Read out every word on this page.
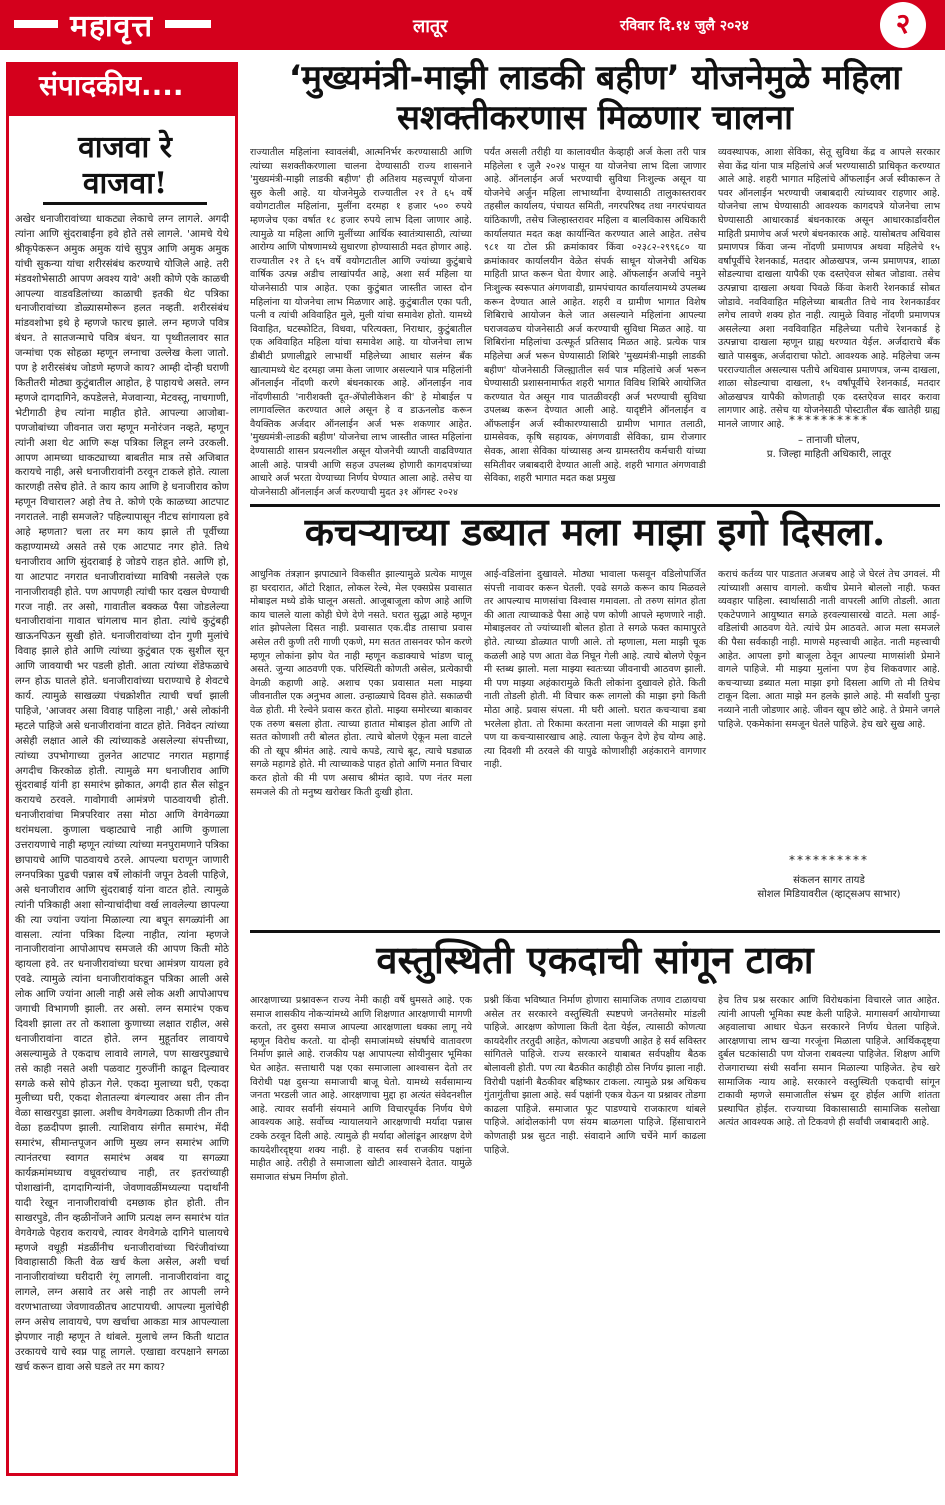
महावृत्त	लातूर	रविवार दि.१४ जुलै २०२४	२
संपादकीय....
वाजवा रे वाजवा!
अखेर धनाजीरावांच्या धाकट्या लेकाचे लग्न लागले. अगदी त्यांना आणि सुंदराबाईंना हवे होते तसे लागले. 'आमचे येथे श्रीकृपेकरून अमुक अमुक यांचे सुपुत्र आणि अमुक अमुक यांची सुकन्या यांचा शरीरसंबंध करण्याचे योजिले आहे. तरी मंडवशोभेसाठी आपण अवश्य यावे' अशी कोणे एके काळची आपल्या वाडवडिलांच्या काळाची इतकी थेट पत्रिका धनाजीरावांच्या डोळ्यासमोरून हलत नव्हती. शरीरसंबंध मांडवशोभा इथे हे म्हणजे फारच झाले. लग्न म्हणजे पवित्र बंधन. ते सातजन्माचे पवित्र बंधन. या पृथ्वीतलावर सात जन्मांचा एक सोहळा म्हणून लग्नाचा उल्लेख केला जातो. पण हे शरीरसंबंध जोडणे म्हणजे काय? आम्ही दोन्ही घराणी कितीतरी मोठ्या कुटुंबातील आहोत, हे पाहायचे असते. लग्न म्हणजे दागदागिने, कपडेलत्ते, मेजवान्या, मेटवस्तू, नाचगाणी, भेटीगाठी हेच त्यांना माहीत होते. आपल्या आजोबा-पणजोबांच्या जीवनात जरा म्हणून मनोरंजन नव्हते, म्हणून त्यांनी अशा थेट आणि रूक्ष पत्रिका लिहून लग्ने उरकली. आपण आमच्या धाकट्याच्या बाबतीत मात्र तसे अजिबात करायचे नाही, असे धनाजीरावांनी ठरवून टाकले होते. त्याला कारणही तसेच होते. ते काय काय आणि हे धनाजीराव कोण म्हणून विचाराल? अहो तेच ते. कोणे एके काळच्या आटपाट नगरातले. नाही समजले? पहिल्यापासून नीटच सांगायला हवे आहे म्हणता? चला तर मग काय झाले ती पूर्वीच्या कहाण्यामध्ये असते तसे एक आटपाट नगर होते. तिथे धनाजीराव आणि सुंदराबाई हे जोडपे राहत होते. आणि हो, या आटपाट नगरात धनाजीरावांच्या माविषी नसलेले एक नानाजीरावही होते. पण आपणही त्यांची फार दखल घेण्याची गरज नाही. तर असो, गावातील बक्कळ पैसा जोडलेल्या धनाजीरावांना गावात चांगलाच मान होता. त्यांचे कुटुंबही खाऊनपिऊन सुखी होते. धनाजीरावांच्या दोन गुणी मुलांचे विवाह झाले होते आणि त्यांच्या कुटुंबात एक सुशील सून आणि जावयाची भर पडली होती. आता त्यांच्या शेंडेफळाचे लग्न होऊ घातले होते. धनाजीरावांच्या घराण्याचे हे शेवटचे कार्य. त्यामुळे साखळ्या पंचक्रोशीत त्याची चर्चा झाली पाहिजे, 'आजवर असा विवाह पाहिला नाही,' असे लोकांनी म्हटले पाहिजे असे धनाजीरावांना वाटत होते. निवेदन त्यांच्या असेही लक्षात आले की त्यांच्याकडे असलेल्या संपत्तीच्या, त्यांच्या उपभोगाच्या तुलनेत आटपाट नगरात महागाई अगदीच किरकोळ होती. त्यामुळे मग धनाजीराव आणि सुंदराबाई यांनी हा समारंभ झोकात, अगदी हात सैल सोडून करायचे ठरवले. गावोगावी आमंत्रणे पाठवायची होती. धनाजीरावांचा मित्रपरिवार तसा मोठा आणि वेगवेगळ्या थरांमधला. कुणाला चव्हाट्याचे नाही आणि कुणाला उत्तरायणाचे नाही म्हणून त्यांच्या त्यांच्या मनपुरामणाने पत्रिका छापायचे आणि पाठवायचे ठरले. आपल्या घराणून जाणारी लग्नपत्रिका पुढची पन्नास वर्षे लोकांनी जपून ठेवली पाहिजे, असे धनाजीराव आणि सुंदराबाई यांना वाटत होते. त्यामुळे त्यांनी पत्रिकाही अशा सोन्याचांदीचा वर्ख लावलेल्या छापल्या की त्या ज्यांना ज्यांना मिळाल्या त्या बघून सगळ्यांनी आ वासला. त्यांना पत्रिका दिल्या नाहीत, त्यांना म्हणजे नानाजीरावांना आपोआपच समजले की आपण किती मोठे व्हायला हवे. तर धनाजीरावांच्या घरचा आमंत्रण यायला हवे एवढे. त्यामुळे त्यांना धनाजीरावांकडून पत्रिका आली असे लोक आणि ज्यांना आली नाही असे लोक अशी आपोआपच जगाची विभागणी झाली. तर असो. लग्न समारंभ एकच दिवशी झाला तर तो कशाला कुणाच्या लक्षात राहील, असे धनाजीरावांना वाटत होते. लग्न मुहूर्तावर लावायचे असल्यामुळे ते एकदाच लावावे लागले, पण साखरपुड्याचे तसे काही नसते अशी पळवाट गुरुजींनी काढून दिल्यावर सगळे कसे सोपे होऊन गेले. एकदा मुलाच्या घरी, एकदा मुलीच्या घरी, एकदा शेतातल्या बंगल्यावर असा तीन तीन वेळा साखरपुडा झाला. अशीच वेगवेगळ्या ठिकाणी तीन तीन वेळा हळदीपण झाली. त्याशिवाय संगीत समारंभ, मेंदी समारंभ, सीमान्तपूजन आणि मुख्य लग्न समारंभ आणि त्यानंतरचा स्वागत समारंभ अबब या सगळ्या कार्यक्रमांमध्याच वधूवरांच्याच नाही, तर इतरांच्याही पोशाखांनी, दागदागिन्यांनी, जेवणावळींमध्यल्या पदार्थांनी यादी रेखून नानाजीरावांची दमछाक होत होती. तीन साखरपुडे, तीन व्हळीनोंजने आणि प्रत्यक्ष लग्न समारंभ यांत वेगवेगळे पेहराव करायचे, त्यावर वेगवेगळे दागिने घालायचे म्हणजे वधूही मंडळींनीच धनाजीरावांच्या चिरंजीवांच्या विवाहासाठी किती वेळ खर्च केला असेल, अशी चर्चा नानाजीरावांच्या घरीदारी रंगू लागली. नानाजीरावांना वाटू लागले, लग्न असावे तर असे नाही तर आपली लग्ने वरणभाताच्या जेवणावळीतच आटपायची. आपल्या मुलांचेही लग्न असेच लावायचे, पण खर्चाचा आकडा मात्र आपल्याला झेपणार नाही म्हणून ते थांबले. मुलाचे लग्न किती थाटात उरकायचे याचे स्वप्न पाहू लागले. एखाद्या वरपक्षाने सगळा खर्च करून द्यावा असे घडले तर मग काय?
‘मुख्यमंत्री-माझी लाडकी बहीण’ योजनेमुळे महिला सशक्तीकरणास मिळणार चालना
राज्यातील महिलांना स्वावलंबी, आत्मनिर्भर करण्यासाठी आणि त्यांच्या सशक्तीकरणाला चालना देण्यासाठी राज्य शासनाने 'मुख्यमंत्री-माझी लाडकी बहीण' ही अतिशय महत्त्वपूर्ण योजना सुरु केली आहे. या योजनेमुळे राज्यातील २१ ते ६५ वर्षे वयोगटातील महिलांना, मुलींना दरमहा १ हजार ५०० रुपये म्हणजेच एका वर्षात १८ हजार रुपये लाभ दिला जाणार आहे. त्यामुळे या महिला आणि मुलींच्या आर्थिक स्वातंत्र्यासाठी, त्यांच्या आरोग्य आणि पोषणामध्ये सुधारणा होण्यासाठी मदत होणार आहे. राज्यातील २१ ते ६५ वर्षे वयोगटातील आणि ज्यांच्या कुटुंबाचे वार्षिक उत्पन्न अडीच लाखांपर्यंत आहे, अशा सर्व महिला या योजनेसाठी पात्र आहेत. एका कुटुंबात जास्तीत जास्त दोन महिलांना या योजनेचा लाभ मिळणार आहे. कुटुंबातील एका पती, पत्नी व त्यांची अविवाहित मुले, मुली यांचा समावेश होतो. यामध्ये विवाहित, घटस्फोटित, विधवा, परित्यक्ता, निराधार, कुटुंबातील एक अविवाहित महिला यांचा समावेश आहे. या योजनेचा लाभ डीबीटी प्रणालीद्वारे लाभार्थी महिलेच्या आधार सलंग्न बँक खात्यामध्ये थेट दरमहा जमा केला जाणार असल्याने पात्र महिलांनी ऑनलाईन नोंदणी करणे बंधनकारक आहे. ऑनलाईन नाव नोंदणीसाठी 'नारीशक्ती दूत-ॲपोलीकेशन की' हे मोबाईल प लागावल्लित करण्यात आले असून हे व डाऊनलोड करून वैयक्तिक अर्जदार ऑनलाईन अर्ज भरू शकणार आहेत. 'मुख्यमंत्री-लाडकी बहीण' योजनेचा लाभ जास्तीत जास्त महिलांना देण्यासाठी शासन प्रयत्नशील असून योजनेची व्याप्ती वाढविण्यात आली आहे. पात्रची आणि सहज उपलब्ध होणारी कागदपत्रांच्या आधारे अर्ज भरता येण्याच्या निर्णय घेण्यात आला आहे. तसेच या योजनेसाठी ऑनलाईन अर्ज करण्याची मुदत ३१ ऑगस्ट २०२४
पर्यंत असली तरीही या कालावधीत केव्हाही अर्ज केला तरी पात्र महिलेला १ जुलै २०२४ पासून या योजनेचा लाभ दिला जाणार आहे. ऑनलाईन अर्ज भरण्याची सुविधा निःशुल्क असून या योजनेचे अर्जुन महिला लाभार्थ्यांना देण्यासाठी तालुकास्तरावर तहसील कार्यालय, पंचायत समिती, नगरपरिषद तथा नगरपंचायत यांठिकाणी, तसेच जिल्हास्तरावर महिला व बालविकास अधिकारी कार्यालयात मदत कक्ष कार्यान्वित करण्यात आले आहेत. तसेच ९८१ या टोल फ्री क्रमांकावर किंवा ०२३८२-२९९६८० या क्रमांकावर कार्यालयीन वेळेत संपर्क साधून योजनेची अधिक माहिती प्राप्त करून घेता येणार आहे. ऑफलाईन अर्जाचे नमुने निःशुल्क स्वरूपात अंगणवाडी, ग्रामपंचायत कार्यालयामध्ये उपलब्ध करून देण्यात आले आहेत. शहरी व ग्रामीण भागात विशेष शिबिराचे आयोजन केले जात असल्याने महिलांना आपल्या घराजवळच योजनेसाठी अर्ज करण्याची सुविधा मिळत आहे. या शिबिरांना महिलांचा उत्स्फूर्त प्रतिसाद मिळत आहे. प्रत्येक पात्र महिलेचा अर्ज भरून घेण्यासाठी शिबिरे 'मुख्यमंत्री-माझी लाडकी बहीण' योजनेसाठी जिल्ह्यातील सर्व पात्र महिलांचे अर्ज भरून घेण्यासाठी प्रशासनामार्फत शहरी भागात विविध शिबिरे आयोजित करण्यात येत असून गाव पातळीवरही अर्ज भरण्याची सुविधा उपलब्ध करून देण्यात आली आहे. यादृष्टीने ऑनलाईन व ऑफलाईन अर्ज स्वीकारण्यासाठी ग्रामीण भागात तलाठी, ग्रामसेवक, कृषि सहायक, अंगणवाडी सेविका, ग्राम रोजगार सेवक, आशा सेविका यांच्यासह अन्य ग्रामस्तरीय कर्मचारी यांच्या समितीवर जबाबदारी देण्यात आली आहे. शहरी भागात अंगणवाडी सेविका, शहरी भागात मदत कक्ष प्रमुख
व्यवस्थापक, आशा सेविका, सेतू सुविधा केंद्र व आपले सरकार सेवा केंद्र यांना पात्र महिलांचे अर्ज भरण्यासाठी प्राधिकृत करण्यात आले आहे. शहरी भागात महिलांचे ऑफलाईन अर्ज स्वीकारून ते पवर ऑनलाईन भरण्याची जबाबदारी त्यांच्यावर राहणार आहे. योजनेचा लाभ घेण्यासाठी आवश्यक कागदपत्रे योजनेचा लाभ घेण्यासाठी आधारकार्ड बंधनकारक असून आधारकार्डावरील माहिती प्रमाणेच अर्ज भरणे बंधनकारक आहे. यासोबतच अधिवास प्रमाणपत्र किंवा जन्म नोंदणी प्रमाणपत्र अथवा महिलेचे १५ वर्षांपूर्वीचे रेशनकार्ड, मतदार ओळखपत्र, जन्म प्रमाणपत्र, शाळा सोडल्याचा दाखला यापैकी एक दस्तऐवज सोबत जोडावा. तसेच उत्पन्नाचा दाखला अथवा पिवळे किंवा केशरी रेशनकार्ड सोबत जोडावे. नवविवाहित महिलेच्या बाबतीत तिचे नाव रेशनकार्डवर लगेच लावणे शक्य होत नाही. त्यामुळे विवाह नोंदणी प्रमाणपत्र असलेल्या अशा नवविवाहित महिलेच्या पतीचे रेशनकार्ड हे उत्पन्नाचा दाखला म्हणून ग्राह्य धरण्यात येईल. अर्जदाराचे बँक खाते पासबुक, अर्जदाराचा फोटो. आवश्यक आहे. महिलेचा जन्म परराज्यातील असल्यास पतीचे अधिवास प्रमाणपत्र, जन्म दाखला, शाळा सोडल्याचा दाखला, १५ वर्षांपूर्वीचे रेशनकार्ड, मतदार ओळखपत्र यापैकी कोणताही एक दस्तऐवज सादर करावा लागणार आहे. तसेच या योजनेसाठी पोस्टातील बँक खातेही ग्राह्य मानले जाणार आहे. **********
– तानाजी घोलप,
प्र. जिल्हा माहिती अधिकारी, लातूर
कचऱ्याच्या डब्यात मला माझा इगो दिसला.
आधुनिक तंत्रज्ञान झपाट्याने विकसीत झाल्यामुळे प्रत्येक माणूस हा घरदारात, ऑटो रिक्षात, लोकल रेल्वे, मेल एक्सप्रेस प्रवासात मोबाइल मध्ये डोके घालून असतो. आजूबाजूला कोण आहे आणि काय चालले याला कोही घेणे देणे नसते. घरात सुद्धा आहे म्हणून शांत झोपलेला दिसत नाही. प्रवासात एक.दीड तासाचा प्रवास असेल तरी कुणी तरी गाणी एकणे, मग सतत तासनवर फोन करणे म्हणून लोकांना झोप येत नाही म्हणून कडाक्याचे भांडण चालू असते. जुन्या आठवणी एक. परिस्थिती कोणती असेल, प्रत्येकाची वेगळी कहाणी आहे. अशाच एका प्रवासात मला माझ्या जीवनातील एक अनुभव आला. उन्हाळ्याचे दिवस होते. सकाळची वेळ होती. मी रेल्वेने प्रवास करत होतो. माझ्या समोरच्या बाकावर एक तरुण बसला होता. त्याच्या हातात मोबाइल होता आणि तो सतत कोणाशी तरी बोलत होता. त्याचे बोलणे ऐकून मला वाटले की तो खूप श्रीमंत आहे. त्याचे कपडे, त्याचे बूट, त्याचे घड्याळ सगळे महागडे होते. मी त्याच्याकडे पाहत होतो आणि मनात विचार करत होतो की मी पण असाच श्रीमंत व्हावे. पण नंतर मला समजले की तो मनुष्य खरोखर किती दुःखी होता.
आई-वडिलांना दुखावले. मोठ्या भावाला फसवून वडिलोपार्जित संपत्ती नावावर करून घेतली. एवढे सगळे करून काय मिळवले तर आपल्याच माणसांचा विश्वास गमावला. तो तरुण सांगत होता की आता त्याच्याकडे पैसा आहे पण कोणी आपले म्हणणारे नाही. मोबाइलवर तो ज्यांच्याशी बोलत होता ते सगळे फक्त कामापुरते होते. त्याच्या डोळ्यात पाणी आले. तो म्हणाला, मला माझी चूक कळली आहे पण आता वेळ निघून गेली आहे. त्याचे बोलणे ऐकून मी स्तब्ध झालो. मला माझ्या स्वतःच्या जीवनाची आठवण झाली. मी पण माझ्या अहंकारामुळे किती लोकांना दुखावले होते. किती नाती तोडली होती. मी विचार करू लागलो की माझा इगो किती मोठा आहे. प्रवास संपला. मी घरी आलो. घरात कचऱ्याचा डबा भरलेला होता. तो रिकामा करताना मला जाणवले की माझा इगो पण या कचऱ्यासारखाच आहे. त्याला फेकून देणे हेच योग्य आहे. त्या दिवशी मी ठरवले की यापुढे कोणाशीही अहंकाराने वागणार नाही.
कराचं कर्तव्य पार पाडतात अजबच आहे जे घेरलं तेच उगवलं. मी त्यांच्याशी असाच वागलो. कधीच प्रेमाने बोललो नाही. फक्त व्यवहार पाहिला. स्वार्थासाठी नाती वापरली आणि तोडली. आता एकटेपणाने आयुष्यात सगळे हरवल्यासारखे वाटते. मला आई-वडिलांची आठवण येते. त्यांचे प्रेम आठवते. आज मला समजले की पैसा सर्वकाही नाही. माणसे महत्त्वाची आहेत. नाती महत्त्वाची आहेत. आपला इगो बाजूला ठेवून आपल्या माणसांशी प्रेमाने वागले पाहिजे. मी माझ्या मुलांना पण हेच शिकवणार आहे. कचऱ्याच्या डब्यात मला माझा इगो दिसला आणि तो मी तिथेच टाकून दिला. आता माझे मन हलके झाले आहे. मी सर्वांशी पुन्हा नव्याने नाती जोडणार आहे. जीवन खूप छोटे आहे. ते प्रेमाने जगले पाहिजे. एकमेकांना समजून घेतले पाहिजे. हेच खरे सुख आहे.
**********
संकलन सागर तायडे
सोशल मिडियावरील (व्हाट्सअप साभार)
वस्तुस्थिती एकदाची सांगून टाका
आरक्षणाच्या प्रश्नावरून राज्य नेमी काही वर्षे धुमसते आहे. एक समाज शासकीय नोकऱ्यांमध्ये आणि शिक्षणात आरक्षणाची मागणी करतो, तर दुसरा समाज आपल्या आरक्षणाला धक्का लागू नये म्हणून विरोध करतो. या दोन्ही समाजांमध्ये संघर्षाचे वातावरण निर्माण झाले आहे. राजकीय पक्ष आपापल्या सोयीनुसार भूमिका घेत आहेत. सत्ताधारी पक्ष एका समाजाला आश्वासन देतो तर विरोधी पक्ष दुसऱ्या समाजाची बाजू घेतो. यामध्ये सर्वसामान्य जनता भरडली जात आहे. आरक्षणाचा मुद्दा हा अत्यंत संवेदनशील आहे. त्यावर सर्वांनी संयमाने आणि विचारपूर्वक निर्णय घेणे आवश्यक आहे. सर्वोच्च न्यायालयाने आरक्षणाची मर्यादा पन्नास टक्के ठरवून दिली आहे. त्यामुळे ही मर्यादा ओलांडून आरक्षण देणे कायदेशीरदृष्ट्या शक्य नाही. हे वास्तव सर्व राजकीय पक्षांना माहीत आहे. तरीही ते समाजाला खोटी आश्वासने देतात. यामुळे समाजात संभ्रम निर्माण होतो.
प्रश्नी किंवा भविष्यात निर्माण होणारा सामाजिक तणाव टाळायचा असेल तर सरकारने वस्तुस्थिती स्पष्टपणे जनतेसमोर मांडली पाहिजे. आरक्षण कोणाला किती देता येईल, त्यासाठी कोणत्या कायदेशीर तरतुदी आहेत, कोणत्या अडचणी आहेत हे सर्व सविस्तर सांगितले पाहिजे. राज्य सरकारने याबाबत सर्वपक्षीय बैठक बोलावली होती. पण त्या बैठकीत काहीही ठोस निर्णय झाला नाही. विरोधी पक्षांनी बैठकीवर बहिष्कार टाकला. त्यामुळे प्रश्न अधिकच गुंतागुंतीचा झाला आहे. सर्व पक्षांनी एकत्र येऊन या प्रश्नावर तोडगा काढला पाहिजे. समाजात फूट पाडण्याचे राजकारण थांबले पाहिजे. आंदोलकांनी पण संयम बाळगला पाहिजे. हिंसाचाराने कोणताही प्रश्न सुटत नाही. संवादाने आणि चर्चेने मार्ग काढला पाहिजे.
हेच तिच प्रश्न सरकार आणि विरोधकांना विचारले जात आहेत. त्यांनी आपली भूमिका स्पष्ट केली पाहिजे. मागासवर्ग आयोगाच्या अहवालाचा आधार घेऊन सरकारने निर्णय घेतला पाहिजे. आरक्षणाचा लाभ खऱ्या गरजूंना मिळाला पाहिजे. आर्थिकदृष्ट्या दुर्बल घटकांसाठी पण योजना राबवल्या पाहिजेत. शिक्षण आणि रोजगाराच्या संधी सर्वांना समान मिळाल्या पाहिजेत. हेच खरे सामाजिक न्याय आहे. सरकारने वस्तुस्थिती एकदाची सांगून टाकावी म्हणजे समाजातील संभ्रम दूर होईल आणि शांतता प्रस्थापित होईल. राज्याच्या विकासासाठी सामाजिक सलोखा अत्यंत आवश्यक आहे. तो टिकवणे ही सर्वांची जबाबदारी आहे.
